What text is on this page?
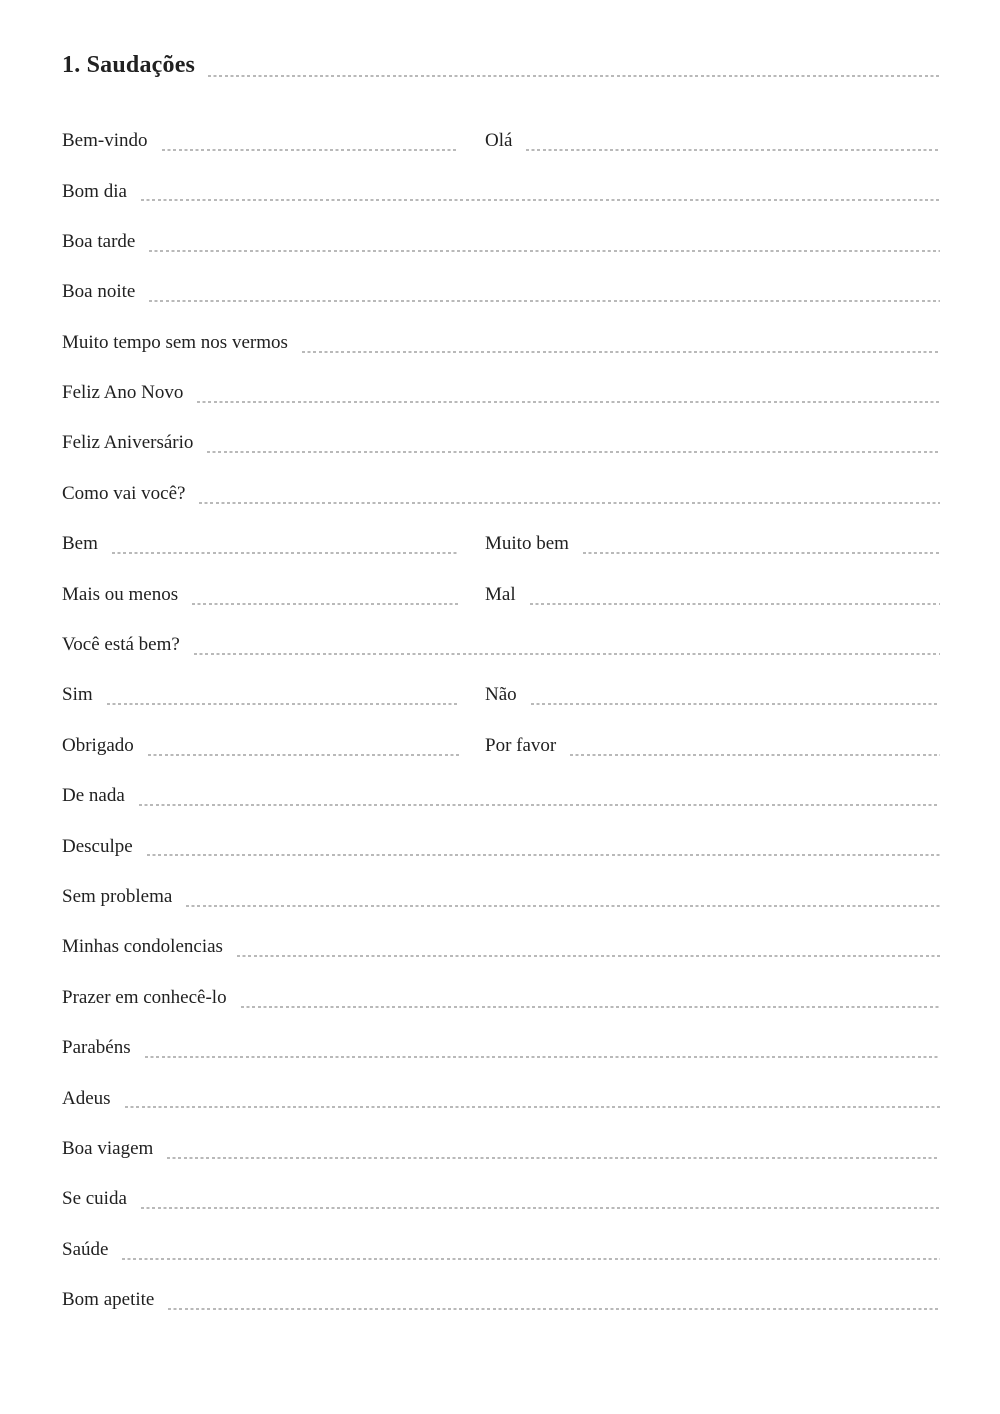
1. Saudações
Bem-vindo	Olá
Bom dia
Boa tarde
Boa noite
Muito tempo sem nos vermos
Feliz Ano Novo
Feliz Aniversário
Como vai você?
Bem	Muito bem
Mais ou menos	Mal
Você está bem?
Sim	Não
Obrigado	Por favor
De nada
Desculpe
Sem problema
Minhas condolencias
Prazer em conhecê-lo
Parabéns
Adeus
Boa viagem
Se cuida
Saúde
Bom apetite
